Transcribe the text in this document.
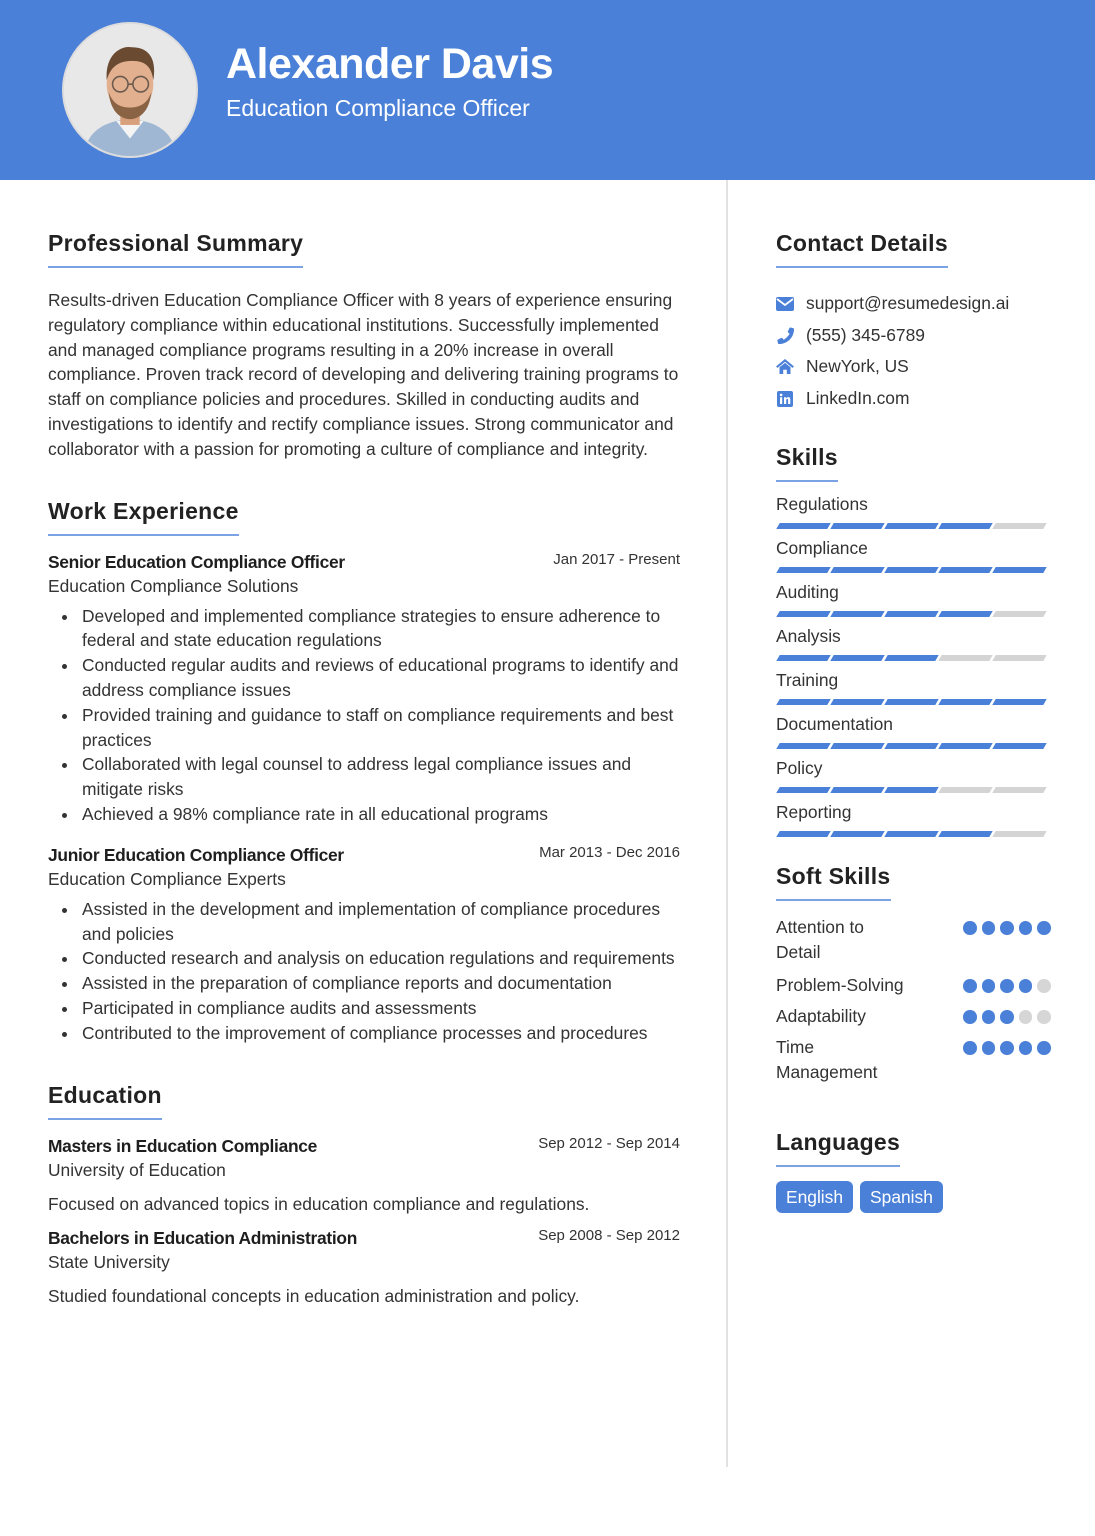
Alexander Davis
Education Compliance Officer
Professional Summary

Results-driven Education Compliance Officer with 8 years of experience ensuring regulatory compliance within educational institutions. Successfully implemented and managed compliance programs resulting in a 20% increase in overall compliance. Proven track record of developing and delivering training programs to staff on compliance policies and procedures. Skilled in conducting audits and investigations to identify and rectify compliance issues. Strong communicator and collaborator with a passion for promoting a culture of compliance and integrity.

Work Experience
Senior Education Compliance Officer	Jan 2017 - Present
Education Compliance Solutions
Developed and implemented compliance strategies to ensure adherence to federal and state education regulations
Conducted regular audits and reviews of educational programs to identify and address compliance issues
Provided training and guidance to staff on compliance requirements and best practices
Collaborated with legal counsel to address legal compliance issues and mitigate risks
Achieved a 98% compliance rate in all educational programs
Junior Education Compliance Officer	Mar 2013 - Dec 2016
Education Compliance Experts
Assisted in the development and implementation of compliance procedures and policies
Conducted research and analysis on education regulations and requirements
Assisted in the preparation of compliance reports and documentation
Participated in compliance audits and assessments
Contributed to the improvement of compliance processes and procedures
Education
Masters in Education Compliance	Sep 2012 - Sep 2014
University of Education
Focused on advanced topics in education compliance and regulations.
Bachelors in Education Administration	Sep 2008 - Sep 2012
State University
Studied foundational concepts in education administration and policy.
Contact Details
support@resumedesign.ai
(555) 345-6789
NewYork, US
LinkedIn.com
Skills
Regulations
Compliance
Auditing
Analysis
Training
Documentation
Policy
Reporting
Soft Skills
Attention to Detail
Problem-Solving
Adaptability
Time Management
Languages
English	Spanish
